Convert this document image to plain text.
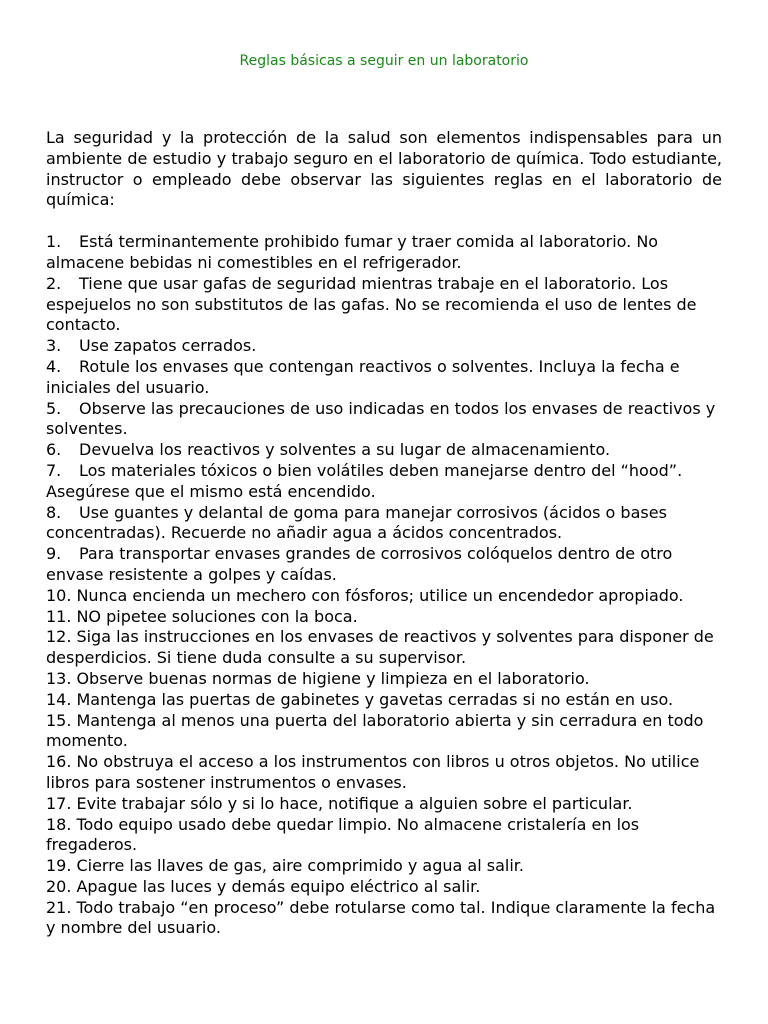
Reglas básicas a seguir en un laboratorio

La seguridad y la protección de la salud son elementos indispensables para un ambiente de estudio y trabajo seguro en el laboratorio de química. Todo estudiante, instructor o empleado debe observar las siguientes reglas en el laboratorio de química:

1. Está terminantemente prohibido fumar y traer comida al laboratorio. No almacene bebidas ni comestibles en el refrigerador.
2. Tiene que usar gafas de seguridad mientras trabaje en el laboratorio. Los espejuelos no son substitutos de las gafas. No se recomienda el uso de lentes de contacto.
3. Use zapatos cerrados.
4. Rotule los envases que contengan reactivos o solventes. Incluya la fecha e iniciales del usuario.
5. Observe las precauciones de uso indicadas en todos los envases de reactivos y solventes.
6. Devuelva los reactivos y solventes a su lugar de almacenamiento.
7. Los materiales tóxicos o bien volátiles deben manejarse dentro del “hood”. Asegúrese que el mismo está encendido.
8. Use guantes y delantal de goma para manejar corrosivos (ácidos o bases concentradas). Recuerde no añadir agua a ácidos concentrados.
9. Para transportar envases grandes de corrosivos colóquelos dentro de otro envase resistente a golpes y caídas.
10. Nunca encienda un mechero con fósforos; utilice un encendedor apropiado.
11. NO pipetee soluciones con la boca.
12. Siga las instrucciones en los envases de reactivos y solventes para disponer de desperdicios. Si tiene duda consulte a su supervisor.
13. Observe buenas normas de higiene y limpieza en el laboratorio.
14. Mantenga las puertas de gabinetes y gavetas cerradas si no están en uso.
15. Mantenga al menos una puerta del laboratorio abierta y sin cerradura en todo momento.
16. No obstruya el acceso a los instrumentos con libros u otros objetos. No utilice libros para sostener instrumentos o envases.
17. Evite trabajar sólo y si lo hace, notifique a alguien sobre el particular.
18. Todo equipo usado debe quedar limpio. No almacene cristalería en los fregaderos.
19. Cierre las llaves de gas, aire comprimido y agua al salir.
20. Apague las luces y demás equipo eléctrico al salir.
21. Todo trabajo “en proceso” debe rotularse como tal. Indique claramente la fecha y nombre del usuario.
